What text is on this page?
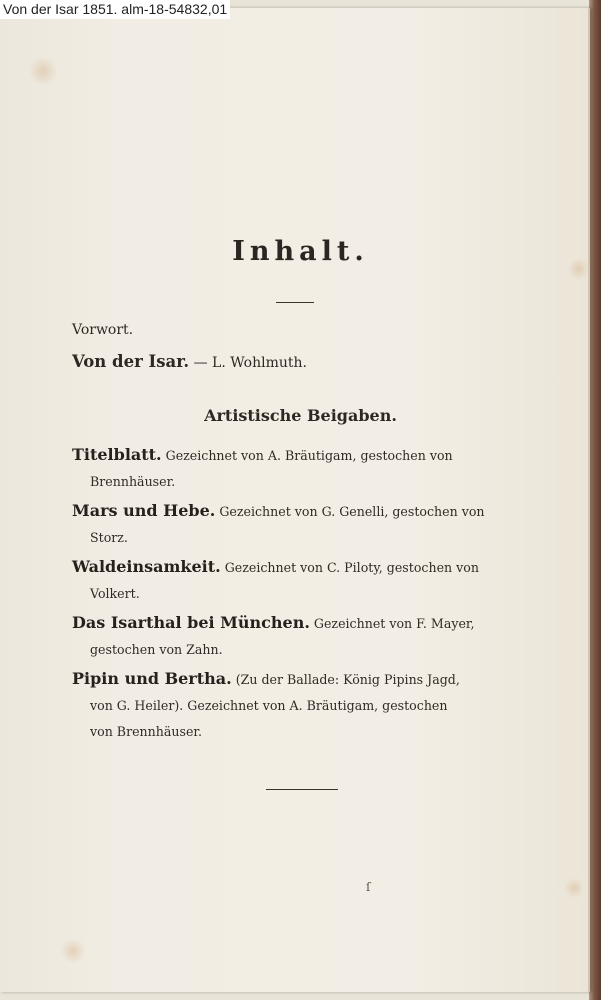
Von der Isar 1851. alm-18-54832,01
Inhalt.
Vorwort.
Von der Isar. — L. Wohlmuth.
Artistische Beigaben.
Titelblatt. Gezeichnet von A. Bräutigam, gestochen von
Brennhäuser.
Mars und Hebe. Gezeichnet von G. Genelli, gestochen von
Storz.
Waldeinsamkeit. Gezeichnet von C. Piloty, gestochen von
Volkert.
Das Isarthal bei München. Gezeichnet von F. Mayer,
gestochen von Zahn.
Pipin und Bertha. (Zu der Ballade: König Pipins Jagd,
von G. Heiler). Gezeichnet von A. Bräutigam, gestochen
von Brennhäuser.
ſ
